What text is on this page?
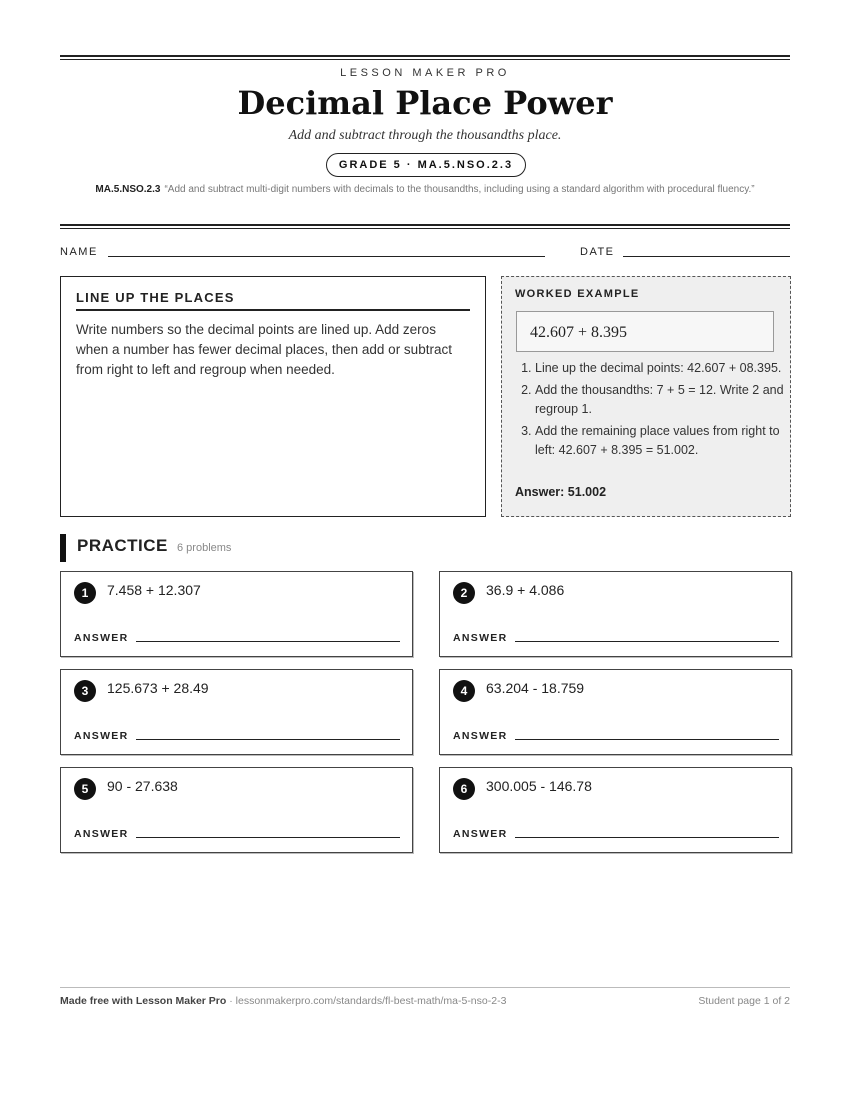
LESSON MAKER PRO
Decimal Place Power
Add and subtract through the thousandths place.
GRADE 5 · MA.5.NSO.2.3
MA.5.NSO.2.3 “Add and subtract multi-digit numbers with decimals to the thousandths, including using a standard algorithm with procedural fluency.”
NAME	DATE
LINE UP THE PLACES

Write numbers so the decimal points are lined up. Add zeros when a number has fewer decimal places, then add or subtract from right to left and regroup when needed.

WORKED EXAMPLE
42.607 + 8.395
1. Line up the decimal points: 42.607 + 08.395.
2. Add the thousandths: 7 + 5 = 12. Write 2 and regroup 1.
3. Add the remaining place values from right to left: 42.607 + 8.395 = 51.002.
Answer: 51.002
PRACTICE 6 problems
1	7.458 + 12.307
ANSWER
2	36.9 + 4.086
ANSWER
3	125.673 + 28.49
ANSWER
4	63.204 - 18.759
ANSWER
5	90 - 27.638
ANSWER
6	300.005 - 146.78
ANSWER
Made free with Lesson Maker Pro · lessonmakerpro.com/standards/fl-best-math/ma-5-nso-2-3	Student page 1 of 2
